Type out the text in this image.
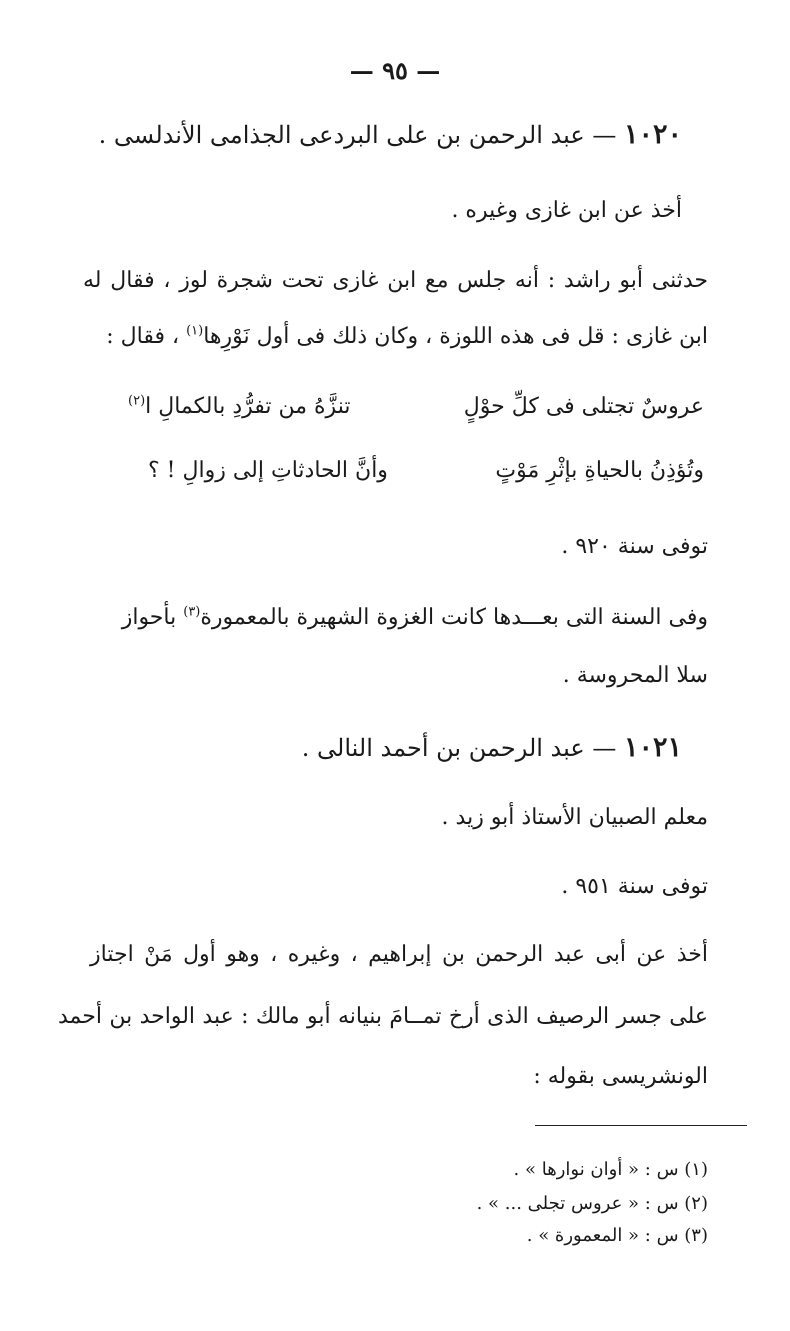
— ٩٥ —
١٠٢٠ — عبد الرحمن بن على البردعى الجذامى الأندلسى .
أخذ عن ابن غازى وغيره .
حدثنى أبو راشد : أنه جلس مع ابن غازى تحت شجرة لوز ، فقال له
ابن غازى : قل فى هذه اللوزة ، وكان ذلك فى أول نَوْرِها$^{(١)}$ ، فقال :
عروسٌ تجتلى فى كلِّ حوْلٍ
تنزَّهُ من تفرُّدِ بالكمالِ ا$^{(٢)}$
وتُؤذِنُ بالحياةِ بإثْرِ مَوْتٍ
وأنَّ الحادثاتِ إلى زوالِ ! ؟
توفى سنة ٩٢٠ .
وفى السنة التى بعـــدها كانت الغزوة الشهيرة بالمعمورة$^{(٣)}$ بأحواز
سلا المحروسة .
١٠٢١ — عبد الرحمن بن أحمد النالى .
معلم الصبيان الأستاذ أبو زيد .
توفى سنة ٩٥١ .
أخذ عن أبى عبد الرحمن بن إبراهيم ، وغيره ، وهو أول مَنْ اجتاز
على جسر الرصيف الذى أرخ تمــامَ بنيانه أبو مالك : عبد الواحد بن أحمد
الونشريسى بقوله :
(١) س : « أوان نوارها » .
(٢) س : « عروس تجلى ... » .
(٣) س : « المعمورة » .
